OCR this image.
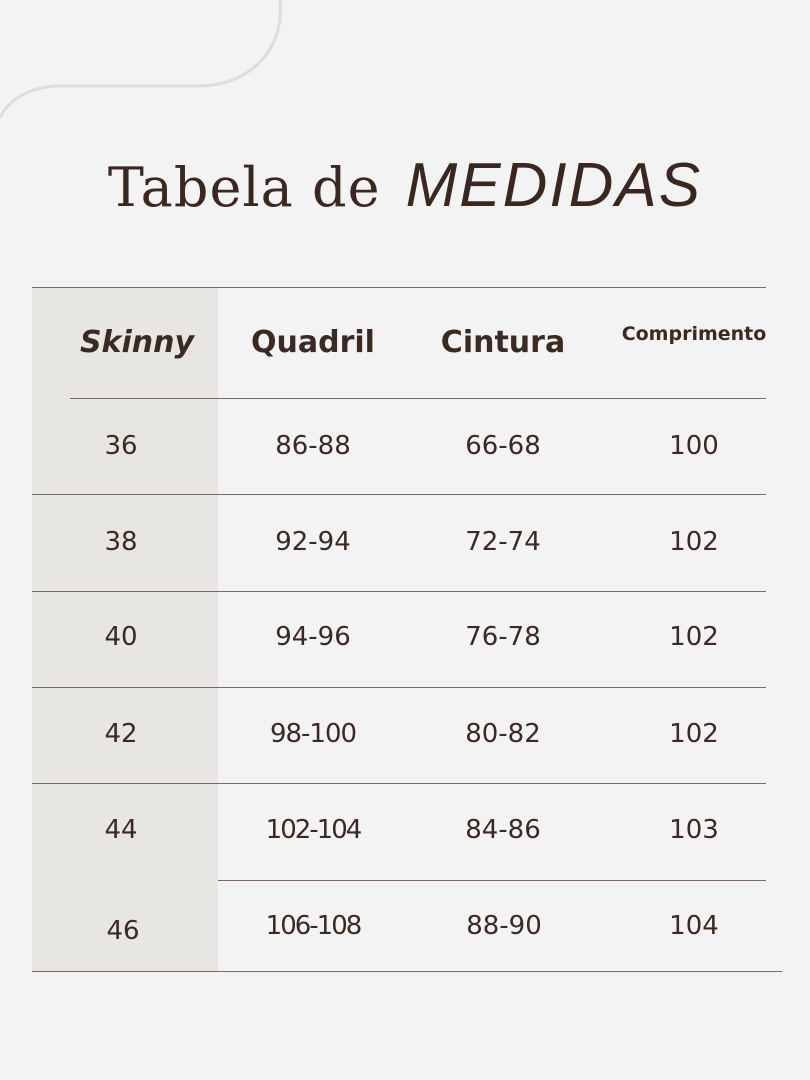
Tabela de MEDIDAS
Skinny	Quadril	Cintura	Comprimento
36	86-88	66-68	100
38	92-94	72-74	102
40	94-96	76-78	102
42	98-100	80-82	102
44	102-104	84-86	103
46	106-108	88-90	104
